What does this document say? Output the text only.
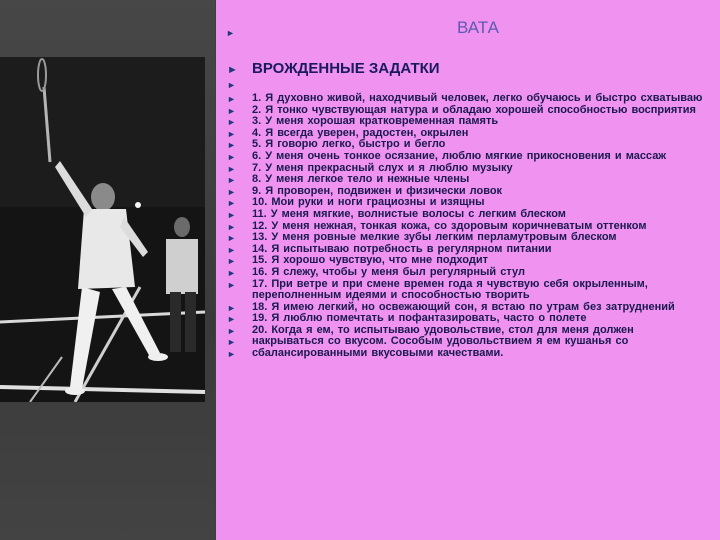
►	ВАТА
► ВРОЖДЕННЫЕ ЗАДАТКИ
►
► 1. Я духовно живой, находчивый человек, легко обучаюсь и быстро схватываю
► 2. Я тонко чувствующая натура и обладаю хорошей способностью восприятия
► 3. У меня хорошая кратковременная память
► 4. Я всегда уверен, радостен, окрылен
► 5. Я говорю легко, быстро и бегло
► 6. У меня очень тонкое осязание, люблю мягкие прикосновения и массаж
► 7. У меня прекрасный слух и я люблю музыку
► 8. У меня легкое тело и нежные члены
► 9. Я проворен, подвижен и физически ловок
► 10. Мои руки и ноги грациозны и изящны
► 11. У меня мягкие, волнистые волосы с легким блеском
► 12. У меня нежная, тонкая кожа, со здоровым коричневатым оттенком
► 13. У меня ровные мелкие зубы легким перламутровым блеском
► 14. Я испытываю потребность в регулярном питании
► 15. Я хорошо чувствую, что мне подходит
► 16. Я слежу, чтобы у меня был регулярный стул
► 17. При ветре и при смене времен года я чувствую себя окрыленным, переполненным идеями и способностью творить
► 18. Я имею легкий, но освежающий сон, я встаю по утрам без затруднений
► 19. Я люблю помечтать и пофантазировать, часто о полете
► 20. Когда я ем, то испытываю удовольствие, стол для меня должен
► накрываться со вкусом. Сособым удовольствием я ем кушанья со
► сбалансированными вкусовыми качествами.
